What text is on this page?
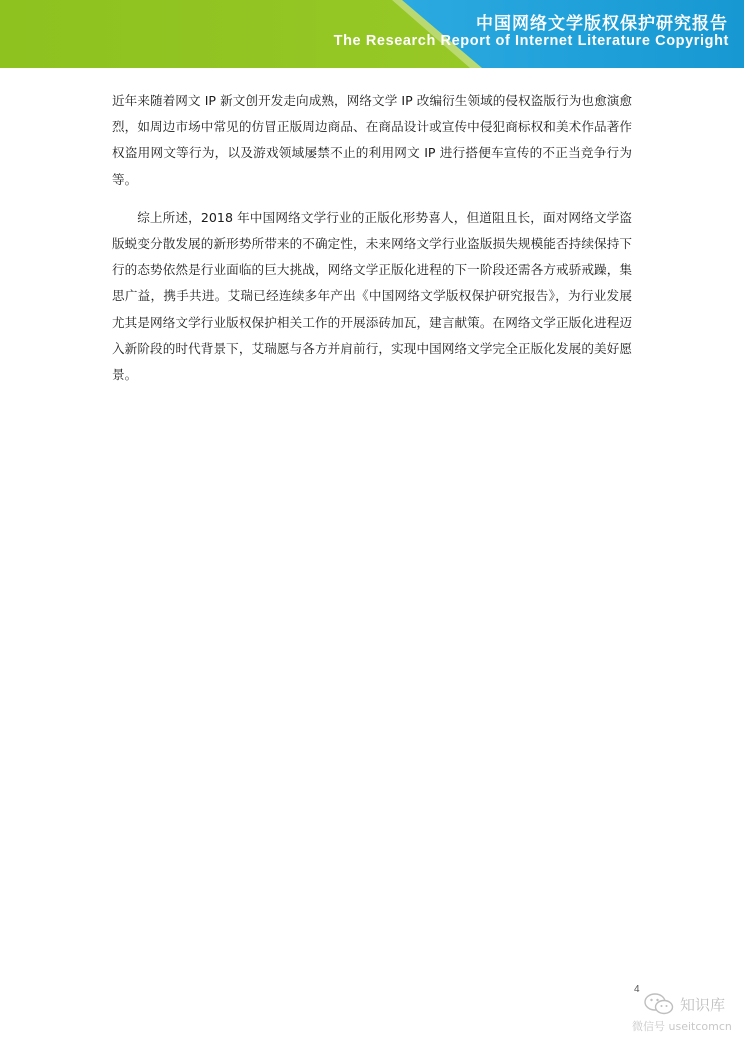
中国网络文学版权保护研究报告
The Research Report of Internet Literature Copyright

近年来随着网文 IP 新文创开发走向成熟，网络文学 IP 改编衍生领域的侵权盗版行为也愈演愈烈，如周边市场中常见的仿冒正版周边商品、在商品设计或宣传中侵犯商标权和美术作品著作权盗用网文等行为，以及游戏领域屡禁不止的利用网文 IP 进行搭便车宣传的不正当竞争行为等。

综上所述，2018 年中国网络文学行业的正版化形势喜人，但道阻且长，面对网络文学盗版蜕变分散发展的新形势所带来的不确定性，未来网络文学行业盗版损失规模能否持续保持下行的态势依然是行业面临的巨大挑战，网络文学正版化进程的下一阶段还需各方戒骄戒躁，集思广益，携手共进。艾瑞已经连续多年产出《中国网络文学版权保护研究报告》，为行业发展尤其是网络文学行业版权保护相关工作的开展添砖加瓦，建言献策。在网络文学正版化进程迈入新阶段的时代背景下，艾瑞愿与各方并肩前行，实现中国网络文学完全正版化发展的美好愿景。

4
知识库
微信号 useitcomcn
